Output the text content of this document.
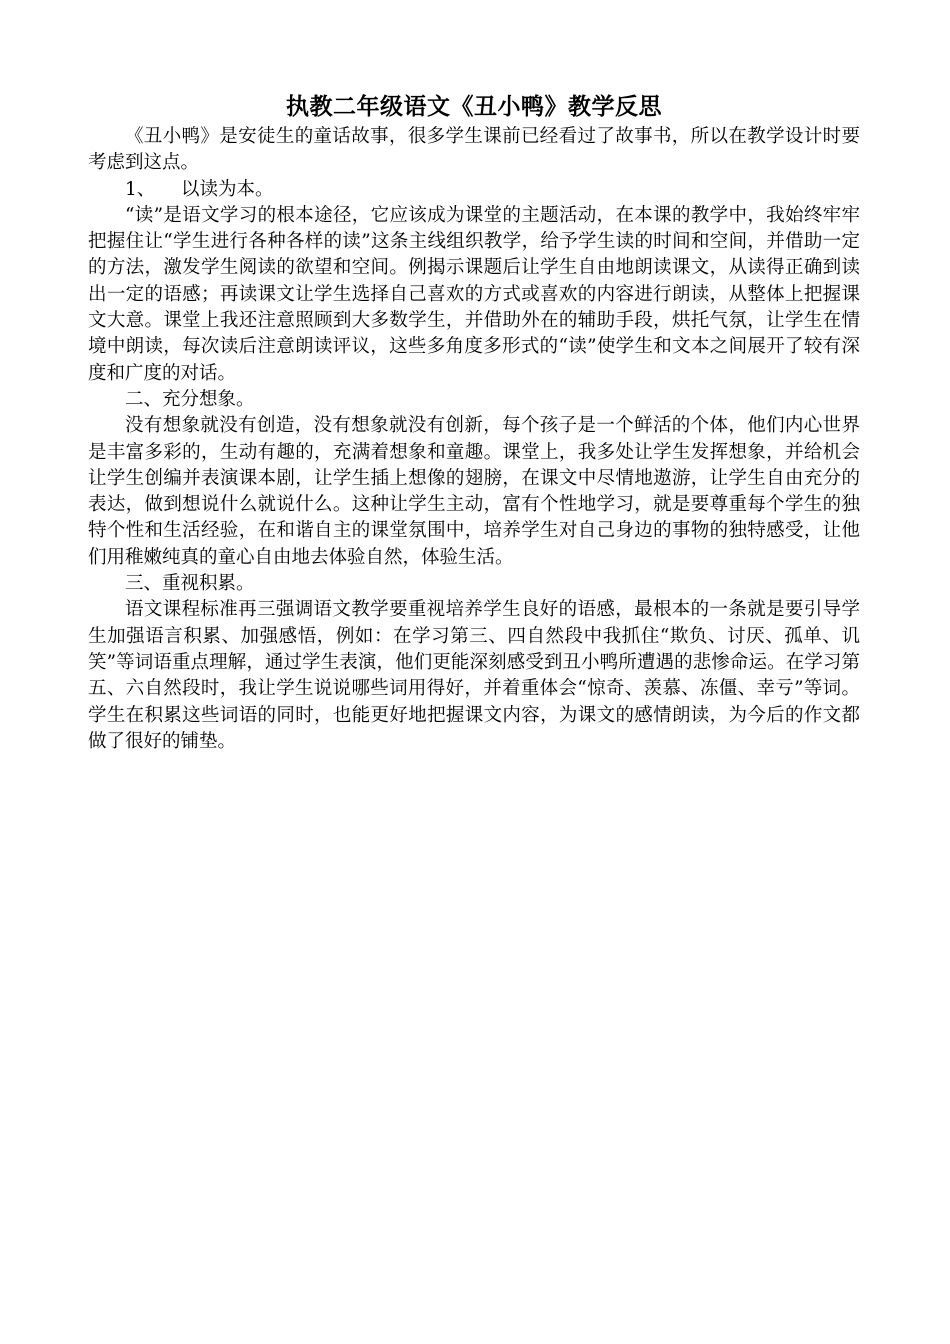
执教二年级语文《丑小鸭》教学反思

《丑小鸭》是安徒生的童话故事，很多学生课前已经看过了故事书，所以在教学设计时要考虑到这点。

1、 以读为本。

“读”是语文学习的根本途径，它应该成为课堂的主题活动，在本课的教学中，我始终牢牢把握住让“学生进行各种各样的读”这条主线组织教学，给予学生读的时间和空间，并借助一定的方法，激发学生阅读的欲望和空间。例揭示课题后让学生自由地朗读课文，从读得正确到读出一定的语感；再读课文让学生选择自己喜欢的方式或喜欢的内容进行朗读，从整体上把握课文大意。课堂上我还注意照顾到大多数学生，并借助外在的辅助手段，烘托气氛，让学生在情境中朗读，每次读后注意朗读评议，这些多角度多形式的“读”使学生和文本之间展开了较有深度和广度的对话。

二、充分想象。

没有想象就没有创造，没有想象就没有创新，每个孩子是一个鲜活的个体，他们内心世界是丰富多彩的，生动有趣的，充满着想象和童趣。课堂上，我多处让学生发挥想象，并给机会让学生创编并表演课本剧，让学生插上想像的翅膀，在课文中尽情地遨游，让学生自由充分的表达，做到想说什么就说什么。这种让学生主动，富有个性地学习，就是要尊重每个学生的独特个性和生活经验，在和谐自主的课堂氛围中，培养学生对自己身边的事物的独特感受，让他们用稚嫩纯真的童心自由地去体验自然，体验生活。

三、重视积累。

语文课程标准再三强调语文教学要重视培养学生良好的语感，最根本的一条就是要引导学生加强语言积累、加强感悟，例如：在学习第三、四自然段中我抓住“欺负、讨厌、孤单、讥笑”等词语重点理解，通过学生表演，他们更能深刻感受到丑小鸭所遭遇的悲惨命运。在学习第五、六自然段时，我让学生说说哪些词用得好，并着重体会“惊奇、羡慕、冻僵、幸亏”等词。学生在积累这些词语的同时，也能更好地把握课文内容，为课文的感情朗读，为今后的作文都做了很好的铺垫。
